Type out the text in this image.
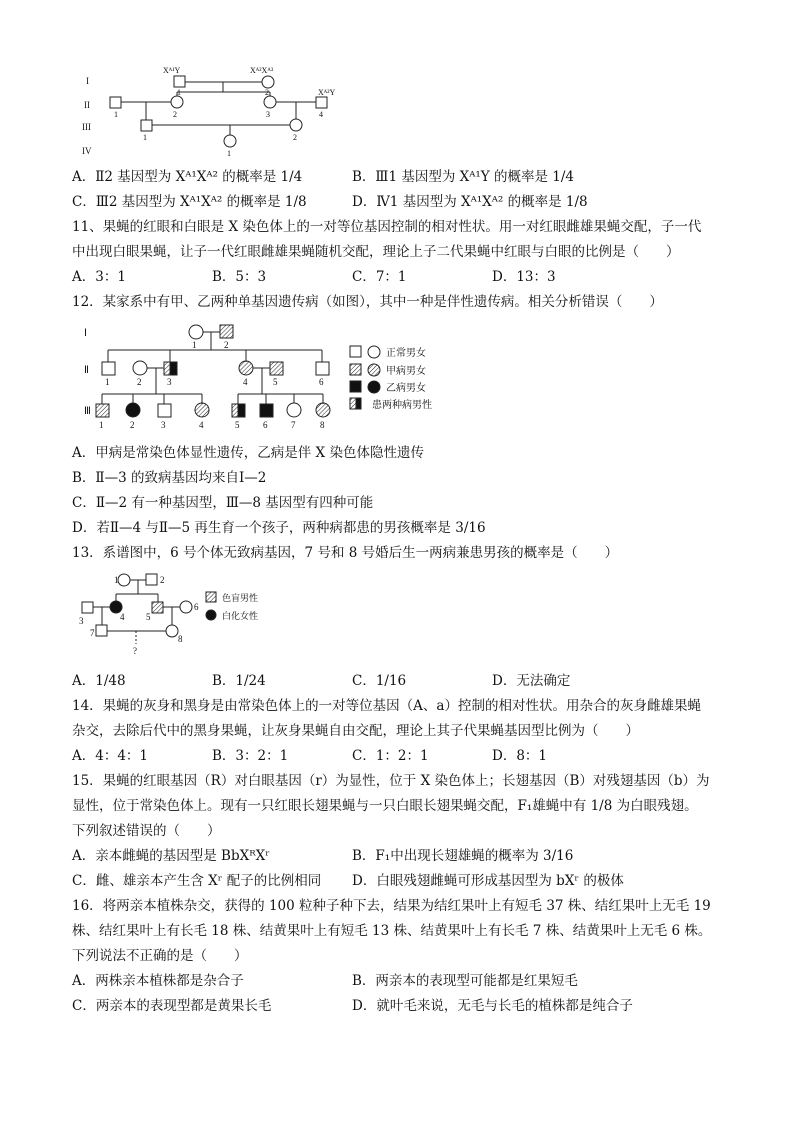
I
II
III
IV
Xᴬ¹Y	Xᴬ²Xᴬ³
Xᴬ²Y
1	2
1	2	3	4
1	2
1
A．Ⅱ2 基因型为 Xᴬ¹Xᴬ² 的概率是 1/4	B．Ⅲ1 基因型为 Xᴬ¹Y 的概率是 1/4
C．Ⅲ2 基因型为 Xᴬ¹Xᴬ² 的概率是 1/8	D．Ⅳ1 基因型为 Xᴬ¹Xᴬ² 的概率是 1/8
11、果蝇的红眼和白眼是 X 染色体上的一对等位基因控制的相对性状。用一对红眼雌雄果蝇交配，子一代
中出现白眼果蝇，让子一代红眼雌雄果蝇随机交配，理论上子二代果蝇中红眼与白眼的比例是（　　）
A．3：1	B．5：3	C．7：1	D．13：3
12．某家系中有甲、乙两种单基因遗传病（如图），其中一种是伴性遗传病。相关分析错误（　　）
Ⅰ
Ⅱ
Ⅲ
1	2
1	2	3	4	5	6
1	2	3	4	5	6	7	8
正常男女
甲病男女
乙病男女
患两种病男性
A．甲病是常染色体显性遗传，乙病是伴 X 染色体隐性遗传
B．Ⅱ—3 的致病基因均来自Ⅰ—2
C．Ⅱ—2 有一种基因型，Ⅲ—8 基因型有四种可能
D．若Ⅱ—4 与Ⅱ—5 再生育一个孩子，两种病都患的男孩概率是 3/16
13．系谱图中，6 号个体无致病基因，7 号和 8 号婚后生一两病兼患男孩的概率是（　　）
1	2
3	4 5
6
7
8
?
色盲男性
白化女性
A．1/48	B．1/24	C．1/16	D．无法确定
14．果蝇的灰身和黑身是由常染色体上的一对等位基因（A、a）控制的相对性状。用杂合的灰身雌雄果蝇
杂交，去除后代中的黑身果蝇，让灰身果蝇自由交配，理论上其子代果蝇基因型比例为（　　）
A．4：4：1	B．3：2：1	C．1：2：1	D．8：1
15．果蝇的红眼基因（R）对白眼基因（r）为显性，位于 X 染色体上；长翅基因（B）对残翅基因（b）为
显性，位于常染色体上。现有一只红眼长翅果蝇与一只白眼长翅果蝇交配，F₁雄蝇中有 1/8 为白眼残翅。
下列叙述错误的（　　）
A．亲本雌蝇的基因型是 BbXᴿXʳ	B．F₁中出现长翅雄蝇的概率为 3/16
C．雌、雄亲本产生含 Xʳ 配子的比例相同 D．白眼残翅雌蝇可形成基因型为 bXʳ 的极体
16．将两亲本植株杂交，获得的 100 粒种子种下去，结果为结红果叶上有短毛 37 株、结红果叶上无毛 19
株、结红果叶上有长毛 18 株、结黄果叶上有短毛 13 株、结黄果叶上有长毛 7 株、结黄果叶上无毛 6 株。
下列说法不正确的是（　　）
A．两株亲本植株都是杂合子	B．两亲本的表现型可能都是红果短毛
C．两亲本的表现型都是黄果长毛	D．就叶毛来说，无毛与长毛的植株都是纯合子
